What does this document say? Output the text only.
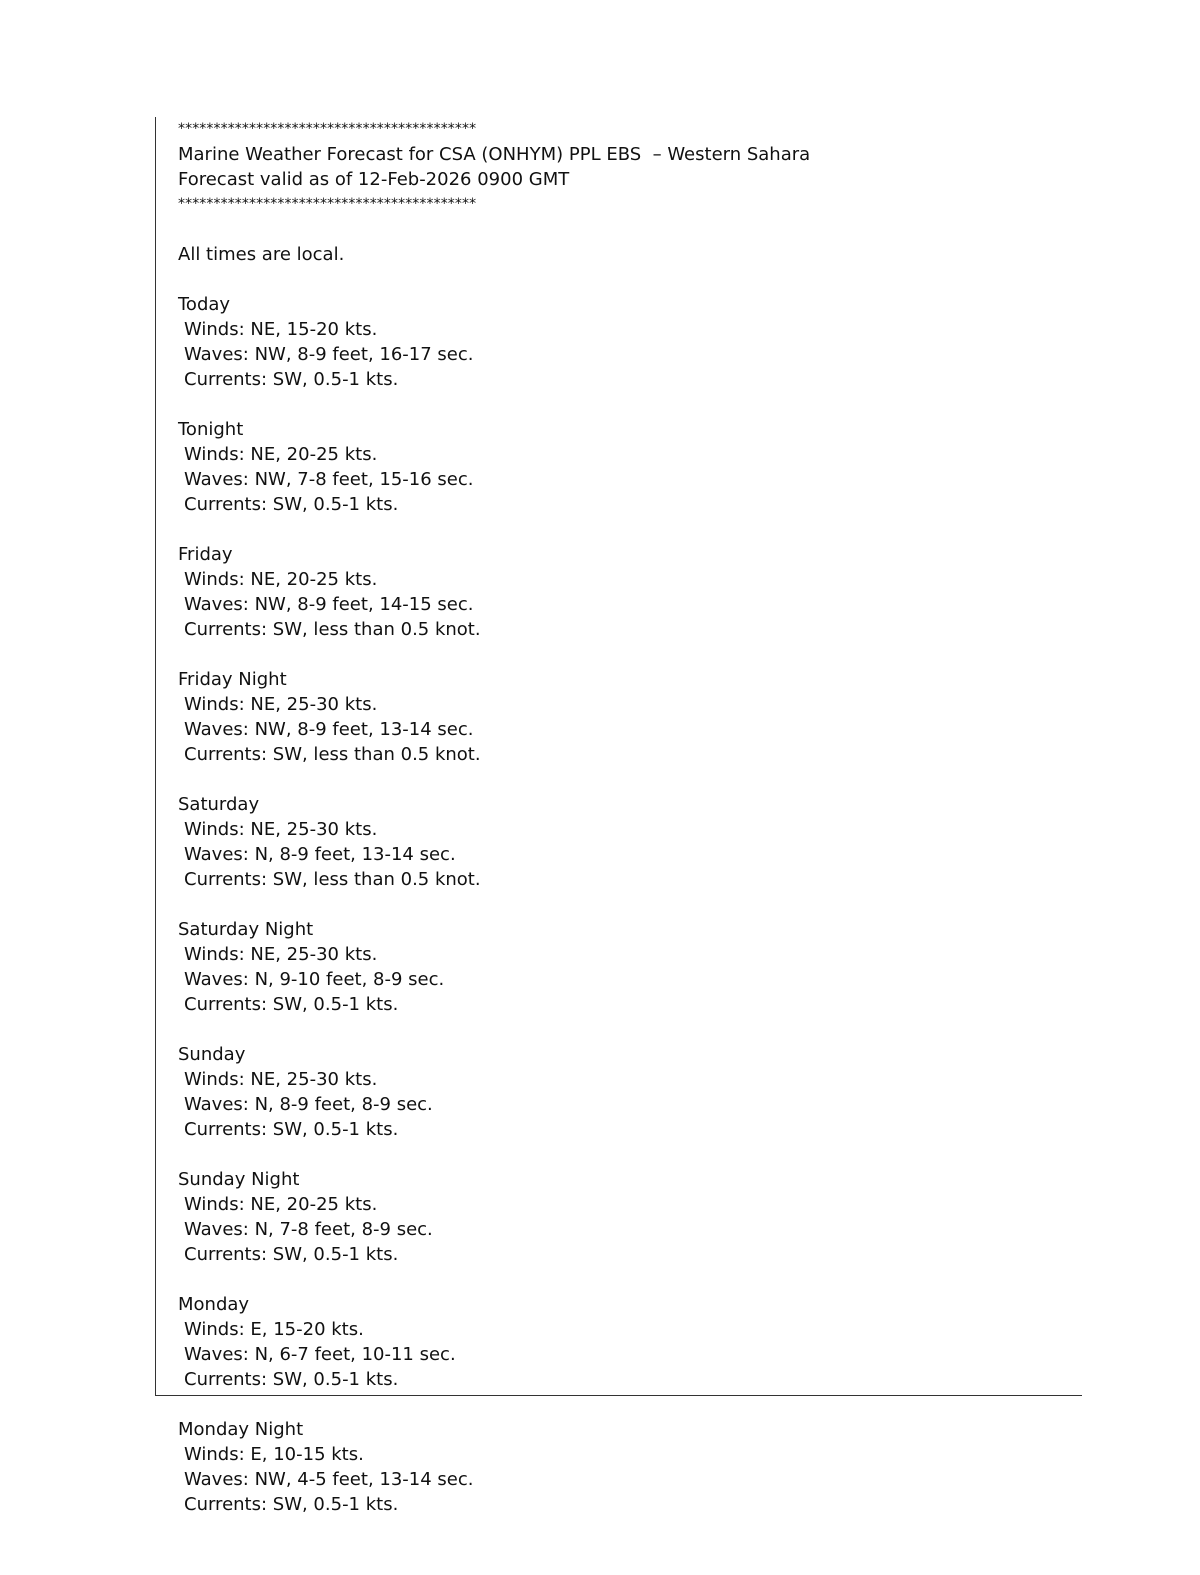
******************************************
Marine Weather Forecast for CSA (ONHYM) PPL EBS  – Western Sahara
Forecast valid as of 12-Feb-2026 0900 GMT
******************************************
All times are local.
Today
Winds: NE, 15-20 kts.
Waves: NW, 8-9 feet, 16-17 sec.
Currents: SW, 0.5-1 kts.
Tonight
Winds: NE, 20-25 kts.
Waves: NW, 7-8 feet, 15-16 sec.
Currents: SW, 0.5-1 kts.
Friday
Winds: NE, 20-25 kts.
Waves: NW, 8-9 feet, 14-15 sec.
Currents: SW, less than 0.5 knot.
Friday Night
Winds: NE, 25-30 kts.
Waves: NW, 8-9 feet, 13-14 sec.
Currents: SW, less than 0.5 knot.
Saturday
Winds: NE, 25-30 kts.
Waves: N, 8-9 feet, 13-14 sec.
Currents: SW, less than 0.5 knot.
Saturday Night
Winds: NE, 25-30 kts.
Waves: N, 9-10 feet, 8-9 sec.
Currents: SW, 0.5-1 kts.
Sunday
Winds: NE, 25-30 kts.
Waves: N, 8-9 feet, 8-9 sec.
Currents: SW, 0.5-1 kts.
Sunday Night
Winds: NE, 20-25 kts.
Waves: N, 7-8 feet, 8-9 sec.
Currents: SW, 0.5-1 kts.
Monday
Winds: E, 15-20 kts.
Waves: N, 6-7 feet, 10-11 sec.
Currents: SW, 0.5-1 kts.
Monday Night
Winds: E, 10-15 kts.
Waves: NW, 4-5 feet, 13-14 sec.
Currents: SW, 0.5-1 kts.
